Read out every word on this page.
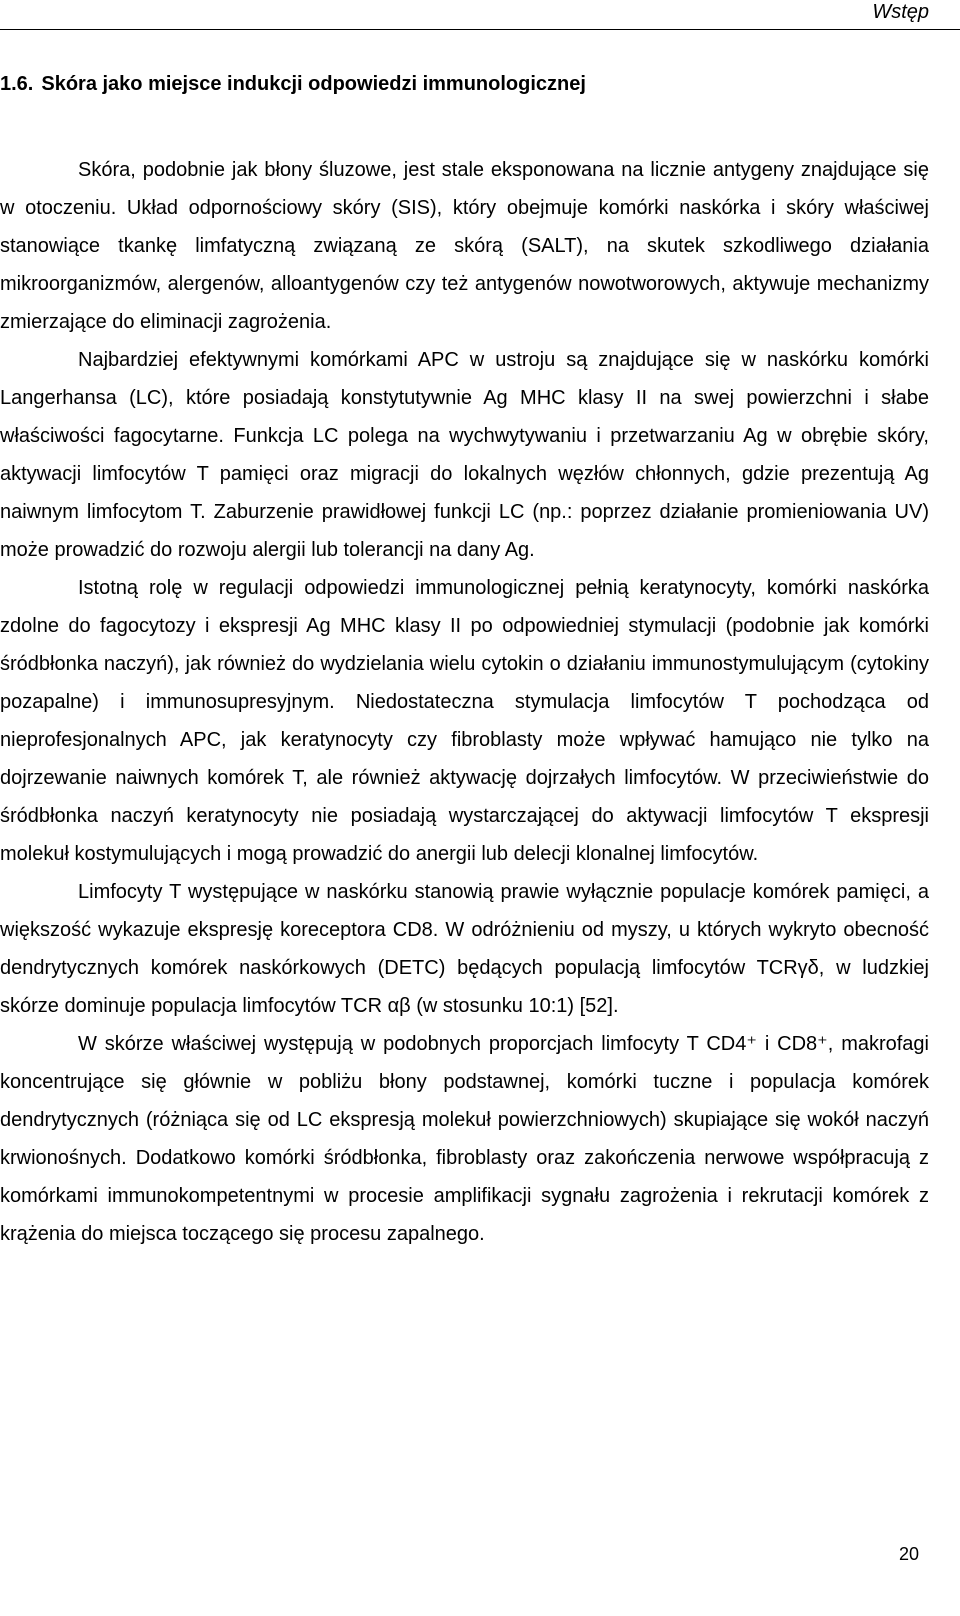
Wstęp
1.6. Skóra jako miejsce indukcji odpowiedzi immunologicznej

Skóra, podobnie jak błony śluzowe, jest stale eksponowana na licznie antygeny znajdujące się w otoczeniu. Układ odpornościowy skóry (SIS), który obejmuje komórki naskórka i skóry właściwej stanowiące tkankę limfatyczną związaną ze skórą (SALT), na skutek szkodliwego działania mikroorganizmów, alergenów, alloantygenów czy też antygenów nowotworowych, aktywuje mechanizmy zmierzające do eliminacji zagrożenia.

Najbardziej efektywnymi komórkami APC w ustroju są znajdujące się w naskórku komórki Langerhansa (LC), które posiadają konstytutywnie Ag MHC klasy II na swej powierzchni i słabe właściwości fagocytarne. Funkcja LC polega na wychwytywaniu i przetwarzaniu Ag w obrębie skóry, aktywacji limfocytów T pamięci oraz migracji do lokalnych węzłów chłonnych, gdzie prezentują Ag naiwnym limfocytom T. Zaburzenie prawidłowej funkcji LC (np.: poprzez działanie promieniowania UV) może prowadzić do rozwoju alergii lub tolerancji na dany Ag.

Istotną rolę w regulacji odpowiedzi immunologicznej pełnią keratynocyty, komórki naskórka zdolne do fagocytozy i ekspresji Ag MHC klasy II po odpowiedniej stymulacji (podobnie jak komórki śródbłonka naczyń), jak również do wydzielania wielu cytokin o działaniu immunostymulującym (cytokiny pozapalne) i immunosupresyjnym. Niedostateczna stymulacja limfocytów T pochodząca od nieprofesjonalnych APC, jak keratynocyty czy fibroblasty może wpływać hamująco nie tylko na dojrzewanie naiwnych komórek T, ale również aktywację dojrzałych limfocytów. W przeciwieństwie do śródbłonka naczyń keratynocyty nie posiadają wystarczającej do aktywacji limfocytów T ekspresji molekuł kostymulujących i mogą prowadzić do anergii lub delecji klonalnej limfocytów.

Limfocyty T występujące w naskórku stanowią prawie wyłącznie populacje komórek pamięci, a większość wykazuje ekspresję koreceptora CD8. W odróżnieniu od myszy, u których wykryto obecność dendrytycznych komórek naskórkowych (DETC) będących populacją limfocytów TCRγδ, w ludzkiej skórze dominuje populacja limfocytów TCR αβ (w stosunku 10:1) [52].

W skórze właściwej występują w podobnych proporcjach limfocyty T CD4⁺ i CD8⁺, makrofagi koncentrujące się głównie w pobliżu błony podstawnej, komórki tuczne i populacja komórek dendrytycznych (różniąca się od LC ekspresją molekuł powierzchniowych) skupiające się wokół naczyń krwionośnych. Dodatkowo komórki śródbłonka, fibroblasty oraz zakończenia nerwowe współpracują z komórkami immunokompetentnymi w procesie amplifikacji sygnału zagrożenia i rekrutacji komórek z krążenia do miejsca toczącego się procesu zapalnego.

20
